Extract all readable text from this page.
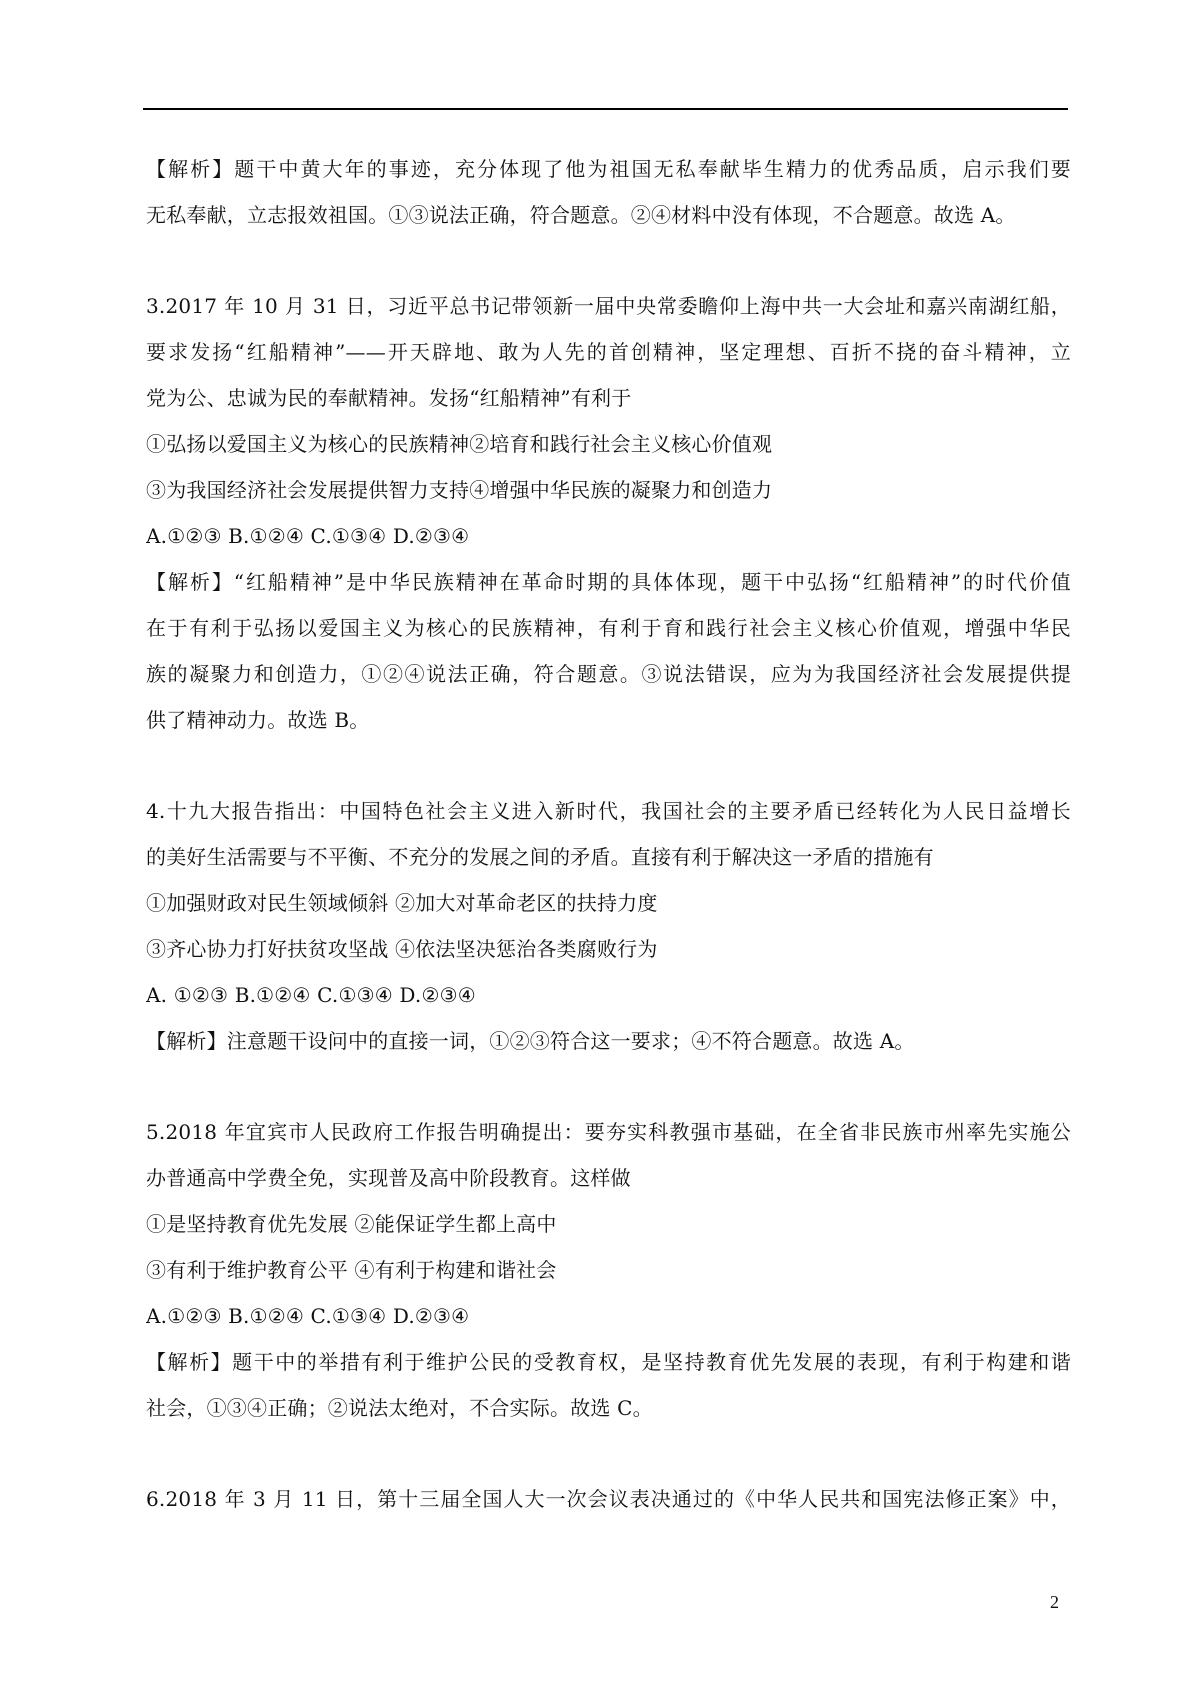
【解析】题干中黄大年的事迹，充分体现了他为祖国无私奉献毕生精力的优秀品质，启示我们要
无私奉献，立志报效祖国。①③说法正确，符合题意。②④材料中没有体现，不合题意。故选 A。
3.2017 年 10 月 31 日，习近平总书记带领新一届中央常委瞻仰上海中共一大会址和嘉兴南湖红船，
要求发扬“红船精神”——开天辟地、敢为人先的首创精神，坚定理想、百折不挠的奋斗精神，立
党为公、忠诚为民的奉献精神。发扬“红船精神”有利于
①弘扬以爱国主义为核心的民族精神②培育和践行社会主义核心价值观
③为我国经济社会发展提供智力支持④增强中华民族的凝聚力和创造力
A.①②③ B.①②④ C.①③④ D.②③④
【解析】“红船精神”是中华民族精神在革命时期的具体体现，题干中弘扬“红船精神”的时代价值
在于有利于弘扬以爱国主义为核心的民族精神，有利于育和践行社会主义核心价值观，增强中华民
族的凝聚力和创造力，①②④说法正确，符合题意。③说法错误，应为为我国经济社会发展提供提
供了精神动力。故选 B。
4.十九大报告指出：中国特色社会主义进入新时代，我国社会的主要矛盾已经转化为人民日益增长
的美好生活需要与不平衡、不充分的发展之间的矛盾。直接有利于解决这一矛盾的措施有
①加强财政对民生领域倾斜 ②加大对革命老区的扶持力度
③齐心协力打好扶贫攻坚战 ④依法坚决惩治各类腐败行为
A. ①②③ B.①②④ C.①③④ D.②③④
【解析】注意题干设问中的直接一词，①②③符合这一要求；④不符合题意。故选 A。
5.2018 年宜宾市人民政府工作报告明确提出：要夯实科教强市基础，在全省非民族市州率先实施公
办普通高中学费全免，实现普及高中阶段教育。这样做
①是坚持教育优先发展 ②能保证学生都上高中
③有利于维护教育公平 ④有利于构建和谐社会
A.①②③ B.①②④ C.①③④ D.②③④
【解析】题干中的举措有利于维护公民的受教育权，是坚持教育优先发展的表现，有利于构建和谐
社会，①③④正确；②说法太绝对，不合实际。故选 C。
6.2018 年 3 月 11 日，第十三届全国人大一次会议表决通过的《中华人民共和国宪法修正案》中，
2
